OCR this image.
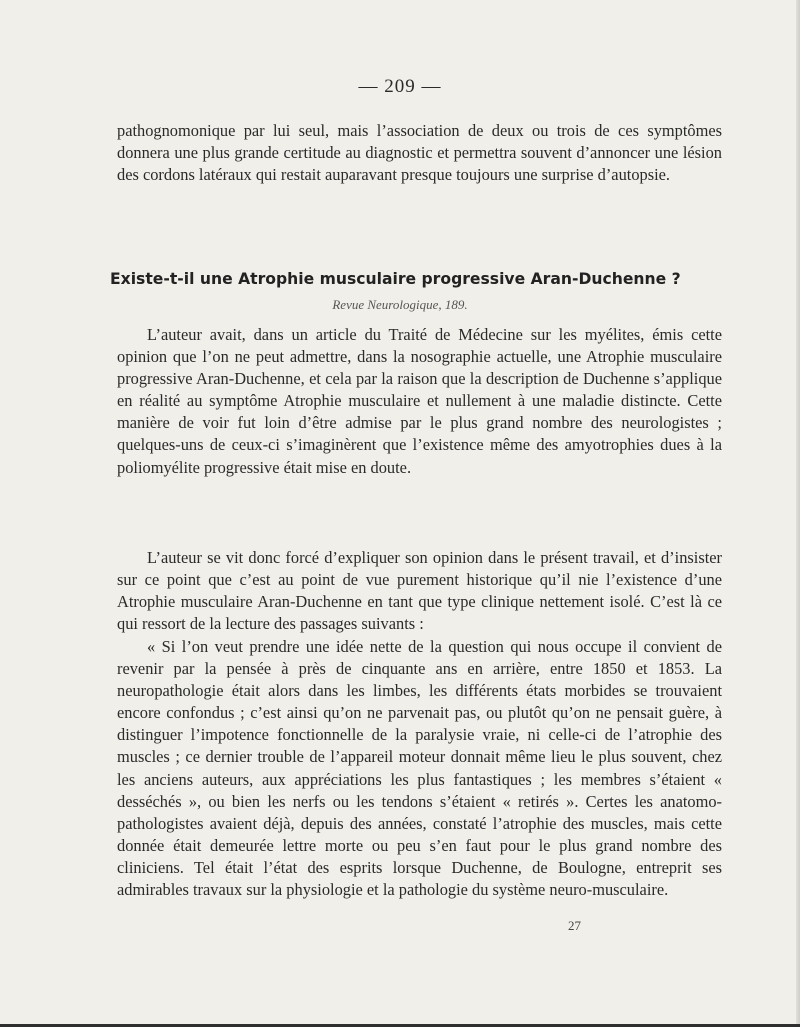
— 209 —

pathognomonique par lui seul, mais l’association de deux ou trois de ces symptômes donnera une plus grande certitude au diagnostic et permettra souvent d’annoncer une lésion des cordons latéraux qui restait auparavant presque toujours une surprise d’autopsie.

Existe-t-il une Atrophie musculaire progressive Aran-Duchenne ?
Revue Neurologique, 189.

L’auteur avait, dans un article du Traité de Médecine sur les myélites, émis cette opinion que l’on ne peut admettre, dans la nosographie actuelle, une Atrophie musculaire progressive Aran-Duchenne, et cela par la raison que la description de Duchenne s’applique en réalité au symptôme Atrophie musculaire et nullement à une maladie distincte. Cette manière de voir fut loin d’être admise par le plus grand nombre des neurologistes ; quelques-uns de ceux-ci s’imaginèrent que l’existence même des amyotrophies dues à la poliomyélite progressive était mise en doute.

L’auteur se vit donc forcé d’expliquer son opinion dans le présent travail, et d’insister sur ce point que c’est au point de vue purement historique qu’il nie l’existence d’une Atrophie musculaire Aran-Duchenne en tant que type clinique nettement isolé. C’est là ce qui ressort de la lecture des passages suivants :

« Si l’on veut prendre une idée nette de la question qui nous occupe il convient de revenir par la pensée à près de cinquante ans en arrière, entre 1850 et 1853. La neuropathologie était alors dans les limbes, les différents états morbides se trouvaient encore confondus ; c’est ainsi qu’on ne parvenait pas, ou plutôt qu’on ne pensait guère, à distinguer l’impotence fonctionnelle de la paralysie vraie, ni celle-ci de l’atrophie des muscles ; ce dernier trouble de l’appareil moteur donnait même lieu le plus souvent, chez les anciens auteurs, aux appréciations les plus fantastiques ; les membres s’étaient « desséchés », ou bien les nerfs ou les tendons s’étaient « retirés ». Certes les anatomo-pathologistes avaient déjà, depuis des années, constaté l’atrophie des muscles, mais cette donnée était demeurée lettre morte ou peu s’en faut pour le plus grand nombre des cliniciens. Tel était l’état des esprits lorsque Duchenne, de Boulogne, entreprit ses admirables travaux sur la physiologie et la pathologie du système neuro-musculaire.

27
